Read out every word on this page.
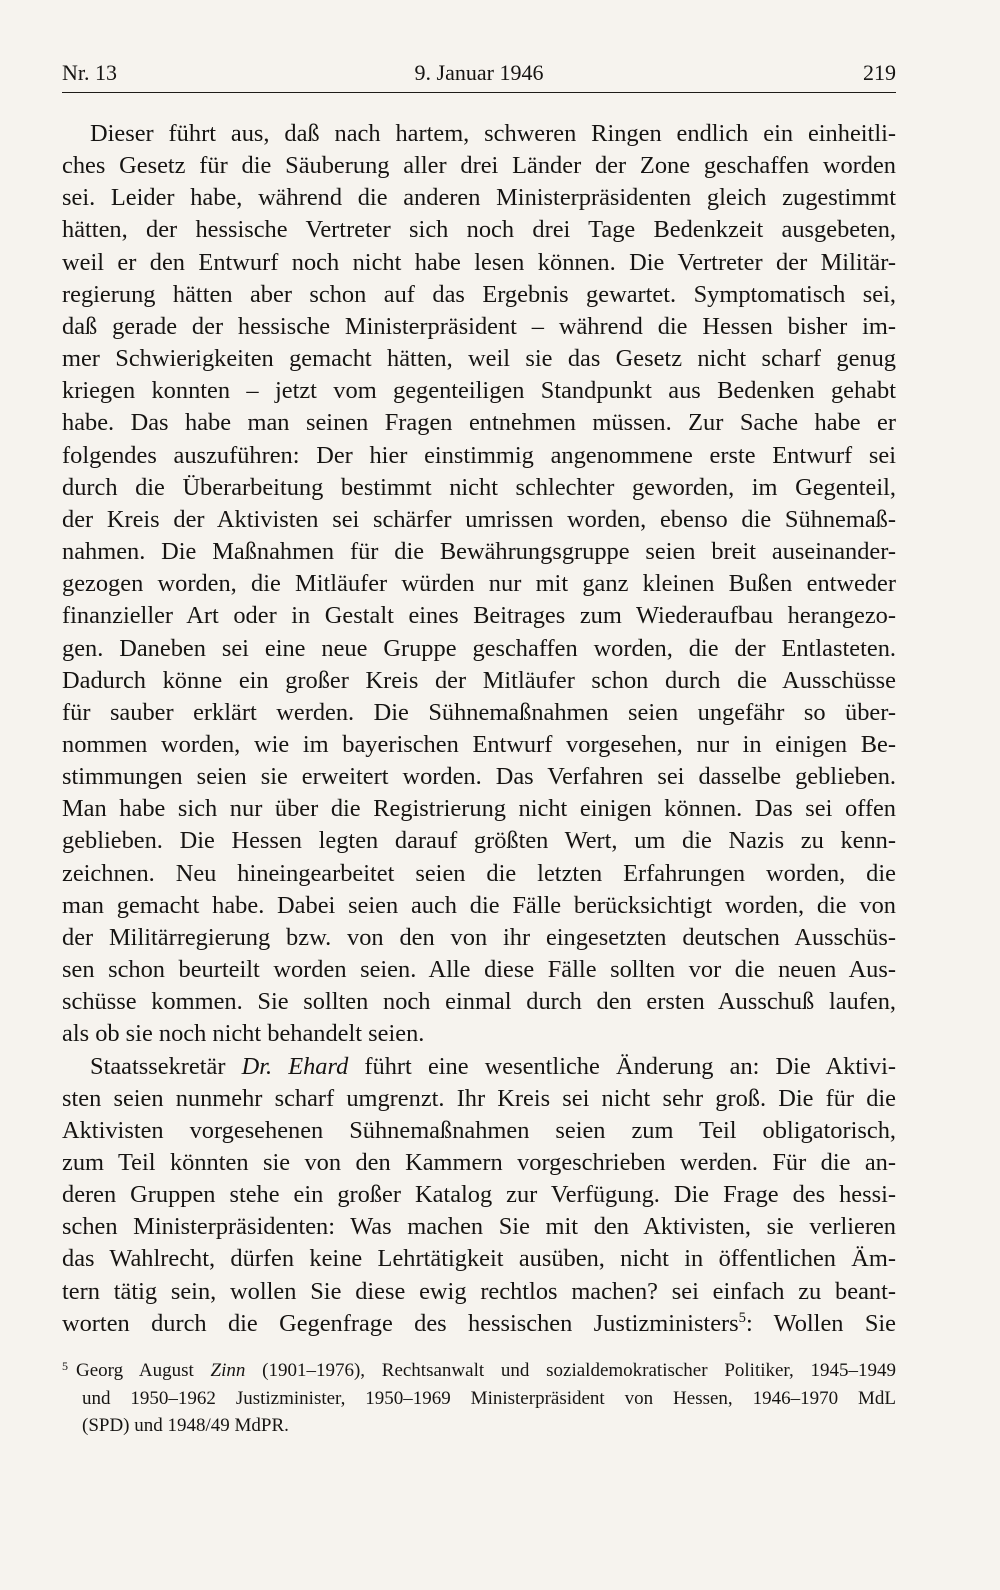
Nr. 13	9. Januar 1946	219
Dieser führt aus, daß nach hartem, schweren Ringen endlich ein einheitli-
ches Gesetz für die Säuberung aller drei Länder der Zone geschaffen worden
sei. Leider habe, während die anderen Ministerpräsidenten gleich zugestimmt
hätten, der hessische Vertreter sich noch drei Tage Bedenkzeit ausgebeten,
weil er den Entwurf noch nicht habe lesen können. Die Vertreter der Militär-
regierung hätten aber schon auf das Ergebnis gewartet. Symptomatisch sei,
daß gerade der hessische Ministerpräsident – während die Hessen bisher im-
mer Schwierigkeiten gemacht hätten, weil sie das Gesetz nicht scharf genug
kriegen konnten – jetzt vom gegenteiligen Standpunkt aus Bedenken gehabt
habe. Das habe man seinen Fragen entnehmen müssen. Zur Sache habe er
folgendes auszuführen: Der hier einstimmig angenommene erste Entwurf sei
durch die Überarbeitung bestimmt nicht schlechter geworden, im Gegenteil,
der Kreis der Aktivisten sei schärfer umrissen worden, ebenso die Sühnemaß-
nahmen. Die Maßnahmen für die Bewährungsgruppe seien breit auseinander-
gezogen worden, die Mitläufer würden nur mit ganz kleinen Bußen entweder
finanzieller Art oder in Gestalt eines Beitrages zum Wiederaufbau herangezo-
gen. Daneben sei eine neue Gruppe geschaffen worden, die der Entlasteten.
Dadurch könne ein großer Kreis der Mitläufer schon durch die Ausschüsse
für sauber erklärt werden. Die Sühnemaßnahmen seien ungefähr so über-
nommen worden, wie im bayerischen Entwurf vorgesehen, nur in einigen Be-
stimmungen seien sie erweitert worden. Das Verfahren sei dasselbe geblieben.
Man habe sich nur über die Registrierung nicht einigen können. Das sei offen
geblieben. Die Hessen legten darauf größten Wert, um die Nazis zu kenn-
zeichnen. Neu hineingearbeitet seien die letzten Erfahrungen worden, die
man gemacht habe. Dabei seien auch die Fälle berücksichtigt worden, die von
der Militärregierung bzw. von den von ihr eingesetzten deutschen Ausschüs-
sen schon beurteilt worden seien. Alle diese Fälle sollten vor die neuen Aus-
schüsse kommen. Sie sollten noch einmal durch den ersten Ausschuß laufen,
als ob sie noch nicht behandelt seien.
Staatssekretär Dr. Ehard führt eine wesentliche Änderung an: Die Aktivi-
sten seien nunmehr scharf umgrenzt. Ihr Kreis sei nicht sehr groß. Die für die
Aktivisten vorgesehenen Sühnemaßnahmen seien zum Teil obligatorisch,
zum Teil könnten sie von den Kammern vorgeschrieben werden. Für die an-
deren Gruppen stehe ein großer Katalog zur Verfügung. Die Frage des hessi-
schen Ministerpräsidenten: Was machen Sie mit den Aktivisten, sie verlieren
das Wahlrecht, dürfen keine Lehrtätigkeit ausüben, nicht in öffentlichen Äm-
tern tätig sein, wollen Sie diese ewig rechtlos machen? sei einfach zu beant-
worten durch die Gegenfrage des hessischen Justizministers$^5$: Wollen Sie
$^5$ Georg August Zinn (1901–1976), Rechtsanwalt und sozialdemokratischer Politiker, 1945–1949
und 1950–1962 Justizminister, 1950–1969 Ministerpräsident von Hessen, 1946–1970 MdL
(SPD) und 1948/49 MdPR.
